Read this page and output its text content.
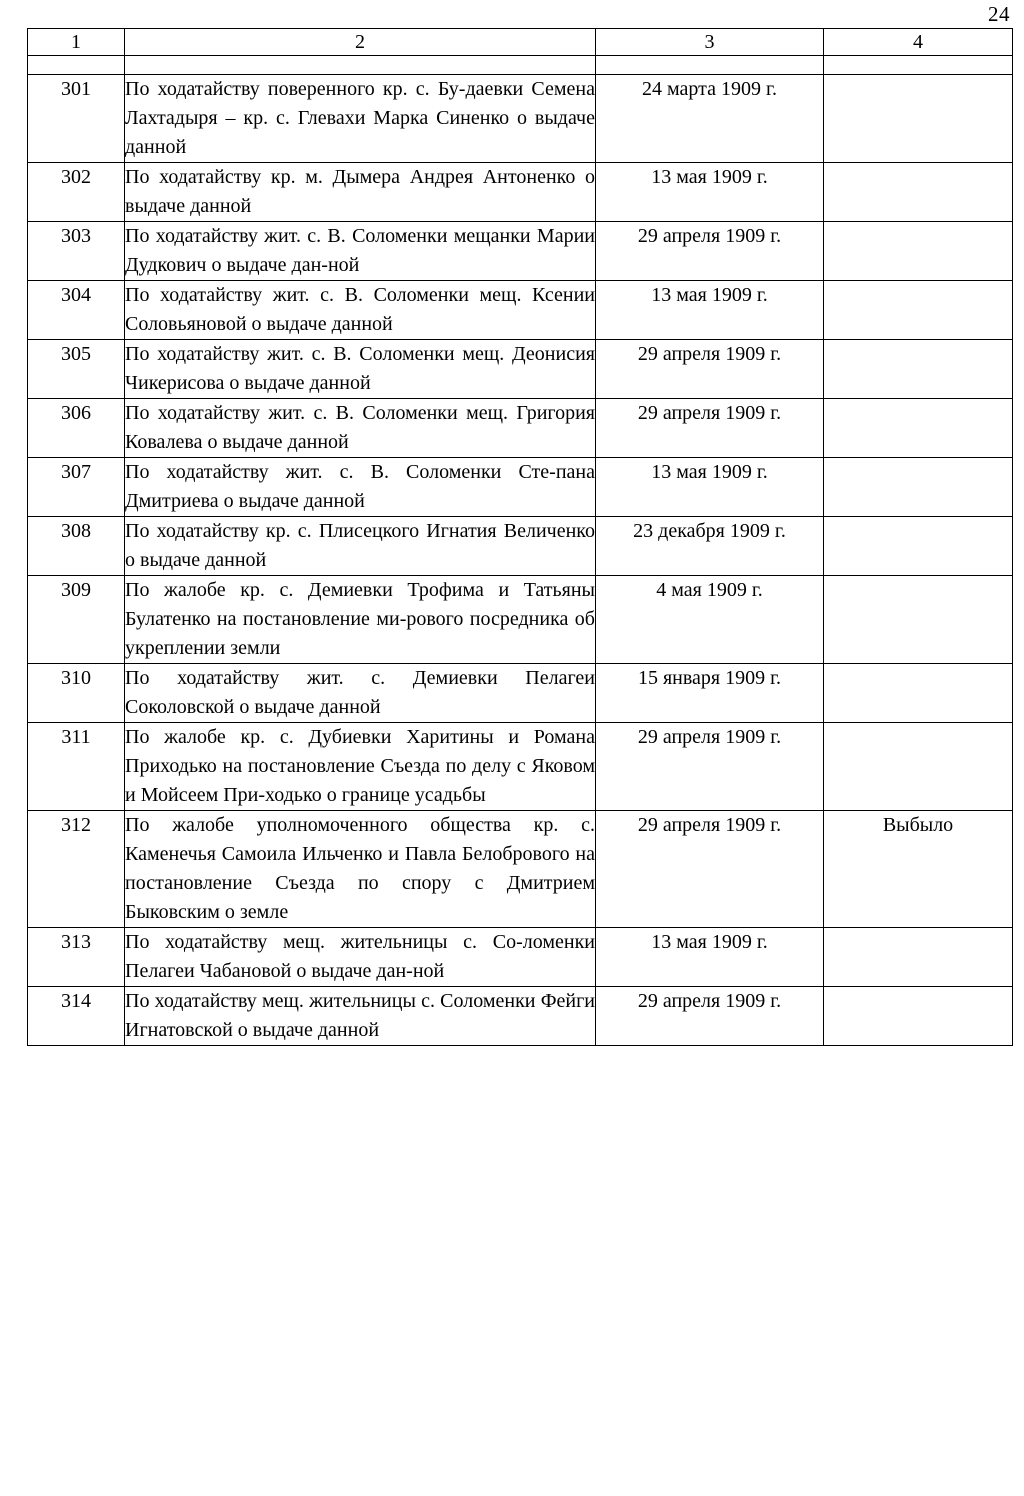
24
1	2	3	4

301	По ходатайству поверенного кр. с. Бу-даевки Семена Лахтадыря – кр. с. Глевахи Марка Синенко о выдаче данной	24 марта 1909 г.	
302	По ходатайству кр. м. Дымера Андрея Антоненко о выдаче данной	13 мая 1909 г.	
303	По ходатайству жит. с. В. Соломенки мещанки Марии Дудкович о выдаче дан-ной	29 апреля 1909 г.	
304	По ходатайству жит. с. В. Соломенки мещ. Ксении Соловьяновой о выдаче данной	13 мая 1909 г.	
305	По ходатайству жит. с. В. Соломенки мещ. Деонисия Чикерисова о выдаче данной	29 апреля 1909 г.	
306	По ходатайству жит. с. В. Соломенки мещ. Григория Ковалева о выдаче данной	29 апреля 1909 г.	
307	По ходатайству жит. с. В. Соломенки Сте-пана Дмитриева о выдаче данной	13 мая 1909 г.	
308	По ходатайству кр. с. Плисецкого Игнатия Величенко о выдаче данной	23 декабря 1909 г.	
309	По жалобе кр. с. Демиевки Трофима и Татьяны Булатенко на постановление ми-рового посредника об укреплении земли	4 мая 1909 г.	
310	По ходатайству жит. с. Демиевки Пелагеи Соколовской о выдаче данной	15 января 1909 г.	
311	По жалобе кр. с. Дубиевки Харитины и Романа Приходько на постановление Съезда по делу с Яковом и Мойсеем При-ходько о границе усадьбы	29 апреля 1909 г.	
312	По жалобе уполномоченного общества кр. с. Каменечья Самоила Ильченко и Павла Белобрового на постановление Съезда по спору с Дмитрием Быковским о земле	29 апреля 1909 г.	Выбыло
313	По ходатайству мещ. жительницы с. Со-ломенки Пелагеи Чабановой о выдаче дан-ной	13 мая 1909 г.	
314	По ходатайству мещ. жительницы с. Соломенки Фейги Игнатовской о выдаче данной	29 апреля 1909 г.	
